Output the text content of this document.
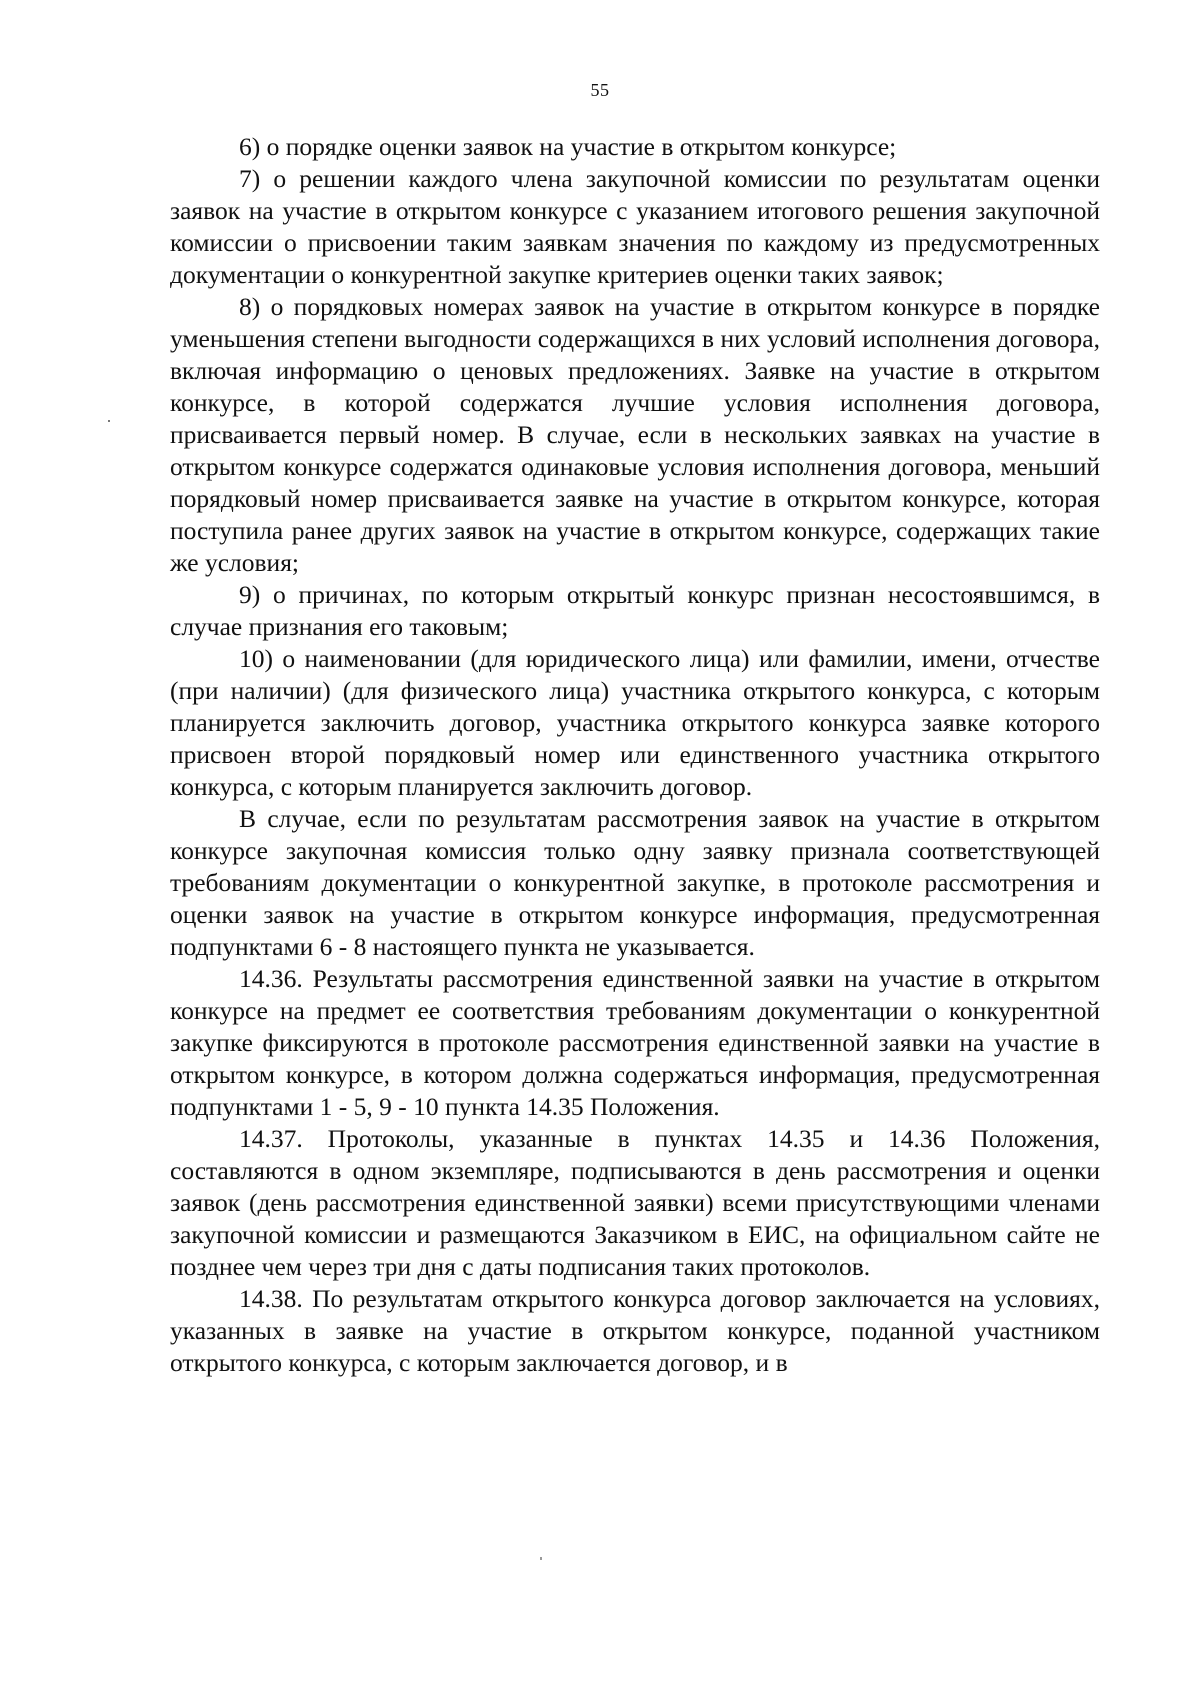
55

6) о порядке оценки заявок на участие в открытом конкурсе;

7) о решении каждого члена закупочной комиссии по результатам оценки заявок на участие в открытом конкурсе с указанием итогового решения закупочной комиссии о присвоении таким заявкам значения по каждому из предусмотренных документации о конкурентной закупке критериев оценки таких заявок;

8) о порядковых номерах заявок на участие в открытом конкурсе в порядке уменьшения степени выгодности содержащихся в них условий исполнения договора, включая информацию о ценовых предложениях. Заявке на участие в открытом конкурсе, в которой содержатся лучшие условия исполнения договора, присваивается первый номер. В случае, если в нескольких заявках на участие в открытом конкурсе содержатся одинаковые условия исполнения договора, меньший порядковый номер присваивается заявке на участие в открытом конкурсе, которая поступила ранее других заявок на участие в открытом конкурсе, содержащих такие же условия;

9) о причинах, по которым открытый конкурс признан несостоявшимся, в случае признания его таковым;

10) о наименовании (для юридического лица) или фамилии, имени, отчестве (при наличии) (для физического лица) участника открытого конкурса, с которым планируется заключить договор, участника открытого конкурса заявке которого присвоен второй порядковый номер или единственного участника открытого конкурса, с которым планируется заключить договор.

В случае, если по результатам рассмотрения заявок на участие в открытом конкурсе закупочная комиссия только одну заявку признала соответствующей требованиям документации о конкурентной закупке, в протоколе рассмотрения и оценки заявок на участие в открытом конкурсе информация, предусмотренная подпунктами 6 - 8 настоящего пункта не указывается.

14.36. Результаты рассмотрения единственной заявки на участие в открытом конкурсе на предмет ее соответствия требованиям документации о конкурентной закупке фиксируются в протоколе рассмотрения единственной заявки на участие в открытом конкурсе, в котором должна содержаться информация, предусмотренная подпунктами 1 - 5, 9 - 10 пункта 14.35 Положения.

14.37. Протоколы, указанные в пунктах 14.35 и 14.36 Положения, составляются в одном экземпляре, подписываются в день рассмотрения и оценки заявок (день рассмотрения единственной заявки) всеми присутствующими членами закупочной комиссии и размещаются Заказчиком в ЕИС, на официальном сайте не позднее чем через три дня с даты подписания таких протоколов.

14.38. По результатам открытого конкурса договор заключается на условиях, указанных в заявке на участие в открытом конкурсе, поданной участником открытого конкурса, с которым заключается договор, и в
